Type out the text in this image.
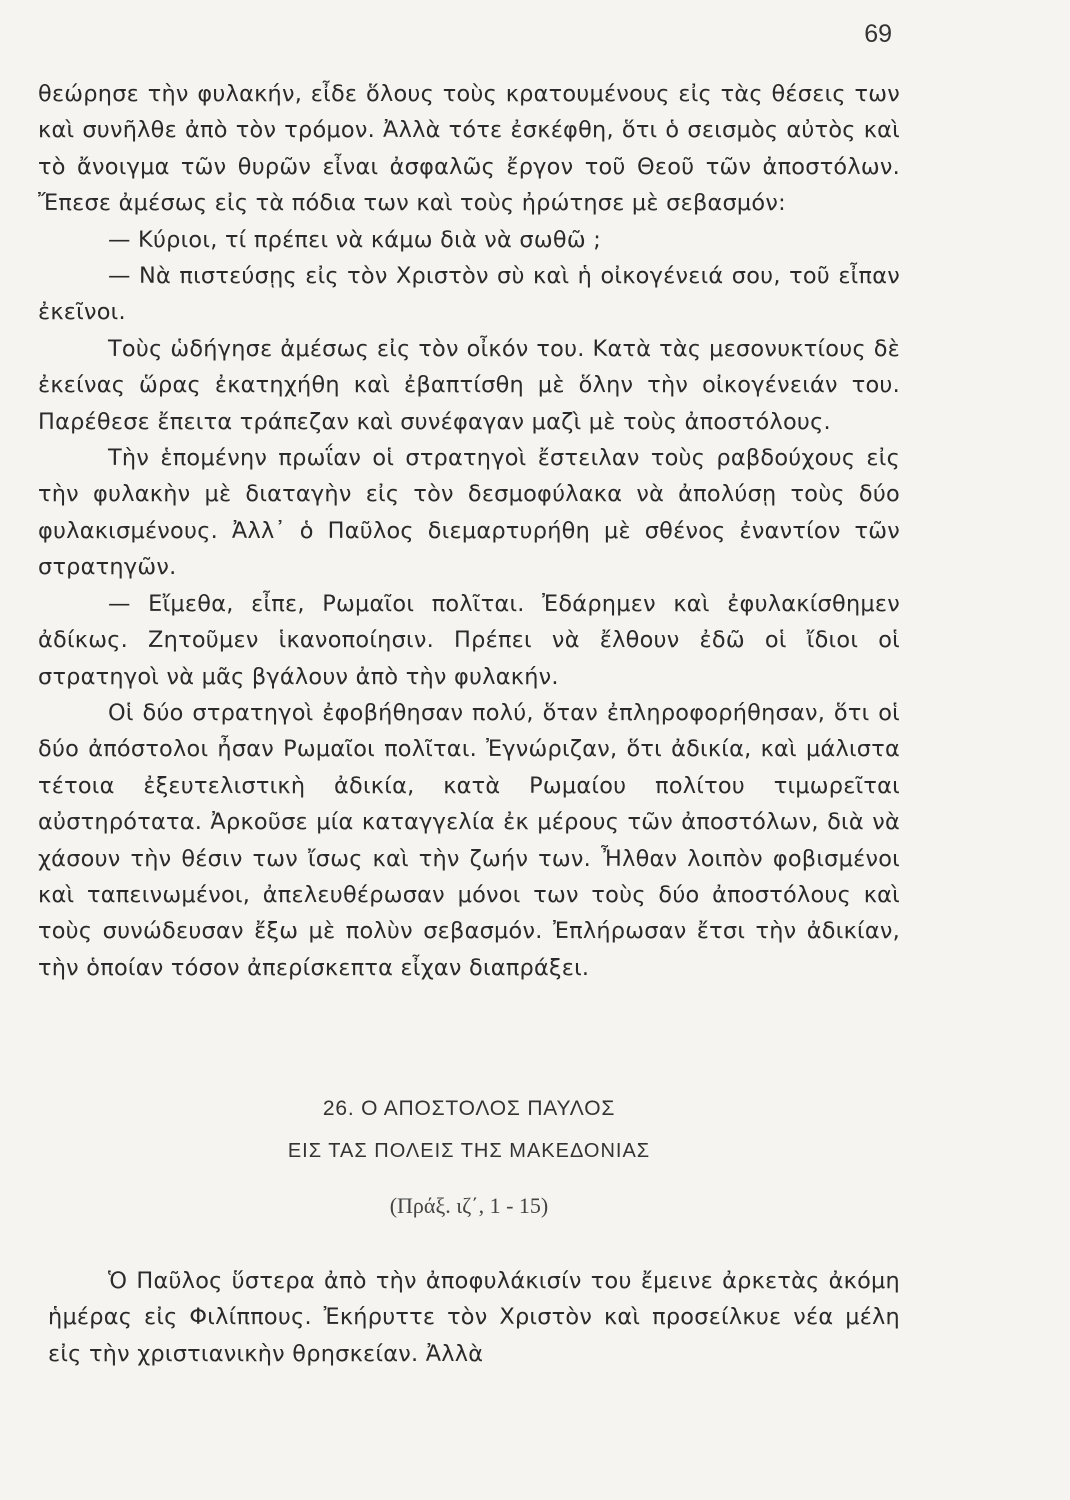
69

θεώρησε τὴν φυλακήν, εἶδε ὅλους τοὺς κρατουμένους εἰς τὰς θέσεις των καὶ συνῆλθε ἀπὸ τὸν τρόμον. Ἀλλὰ τότε ἐσκέφθη, ὅτι ὁ σεισμὸς αὐτὸς καὶ τὸ ἄνοιγμα τῶν θυρῶν εἶναι ἀσφαλῶς ἔργον τοῦ Θεοῦ τῶν ἀποστόλων. Ἔπεσε ἀμέσως εἰς τὰ πόδια των καὶ τοὺς ἠρώτησε μὲ σεβασμόν:

— Κύριοι, τί πρέπει νὰ κάμω διὰ νὰ σωθῶ ;

— Νὰ πιστεύσῃς εἰς τὸν Χριστὸν σὺ καὶ ἡ οἰκογένειά σου, τοῦ εἶπαν ἐκεῖνοι.

Τοὺς ὡδήγησε ἀμέσως εἰς τὸν οἶκόν του. Κατὰ τὰς μεσονυκτίους δὲ ἐκείνας ὥρας ἐκατηχήθη καὶ ἐβαπτίσθη μὲ ὅλην τὴν οἰκογένειάν του. Παρέθεσε ἔπειτα τράπεζαν καὶ συνέφαγαν μαζὶ μὲ τοὺς ἀποστόλους.

Τὴν ἑπομένην πρωΐαν οἱ στρατηγοὶ ἔστειλαν τοὺς ραβδούχους εἰς τὴν φυλακὴν μὲ διαταγὴν εἰς τὸν δεσμοφύλακα νὰ ἀπολύσῃ τοὺς δύο φυλακισμένους. Ἀλλ᾽ ὁ Παῦλος διεμαρτυρήθη μὲ σθένος ἐναντίον τῶν στρατηγῶν.

— Εἴμεθα, εἶπε, Ρωμαῖοι πολῖται. Ἐδάρημεν καὶ ἐφυλακίσθημεν ἀδίκως. Ζητοῦμεν ἱκανοποίησιν. Πρέπει νὰ ἔλθουν ἐδῶ οἱ ἴδιοι οἱ στρατηγοὶ νὰ μᾶς βγάλουν ἀπὸ τὴν φυλακήν.

Οἱ δύο στρατηγοὶ ἐφοβήθησαν πολύ, ὅταν ἐπληροφορήθησαν, ὅτι οἱ δύο ἀπόστολοι ἦσαν Ρωμαῖοι πολῖται. Ἐγνώριζαν, ὅτι ἀδικία, καὶ μάλιστα τέτοια ἐξευτελιστικὴ ἀδικία, κατὰ Ρωμαίου πολίτου τιμωρεῖται αὐστηρότατα. Ἀρκοῦσε μία καταγγελία ἐκ μέρους τῶν ἀποστόλων, διὰ νὰ χάσουν τὴν θέσιν των ἴσως καὶ τὴν ζωήν των. Ἦλθαν λοιπὸν φοβισμένοι καὶ ταπεινωμένοι, ἀπελευθέρωσαν μόνοι των τοὺς δύο ἀποστόλους καὶ τοὺς συνώδευσαν ἔξω μὲ πολὺν σεβασμόν. Ἐπλήρωσαν ἔτσι τὴν ἀδικίαν, τὴν ὁποίαν τόσον ἀπερίσκεπτα εἶχαν διαπράξει.

26. Ο ΑΠΟΣΤΟΛΟΣ ΠΑΥΛΟΣ
ΕΙΣ ΤΑΣ ΠΟΛΕΙΣ ΤΗΣ ΜΑΚΕΔΟΝΙΑΣ
(Πράξ. ιζ΄, 1 - 15)

Ὁ Παῦλος ὕστερα ἀπὸ τὴν ἀποφυλάκισίν του ἔμεινε ἀρκετὰς ἀκόμη ἡμέρας εἰς Φιλίππους. Ἐκήρυττε τὸν Χριστὸν καὶ προσείλκυε νέα μέλη εἰς τὴν χριστιανικὴν θρησκείαν. Ἀλλὰ
